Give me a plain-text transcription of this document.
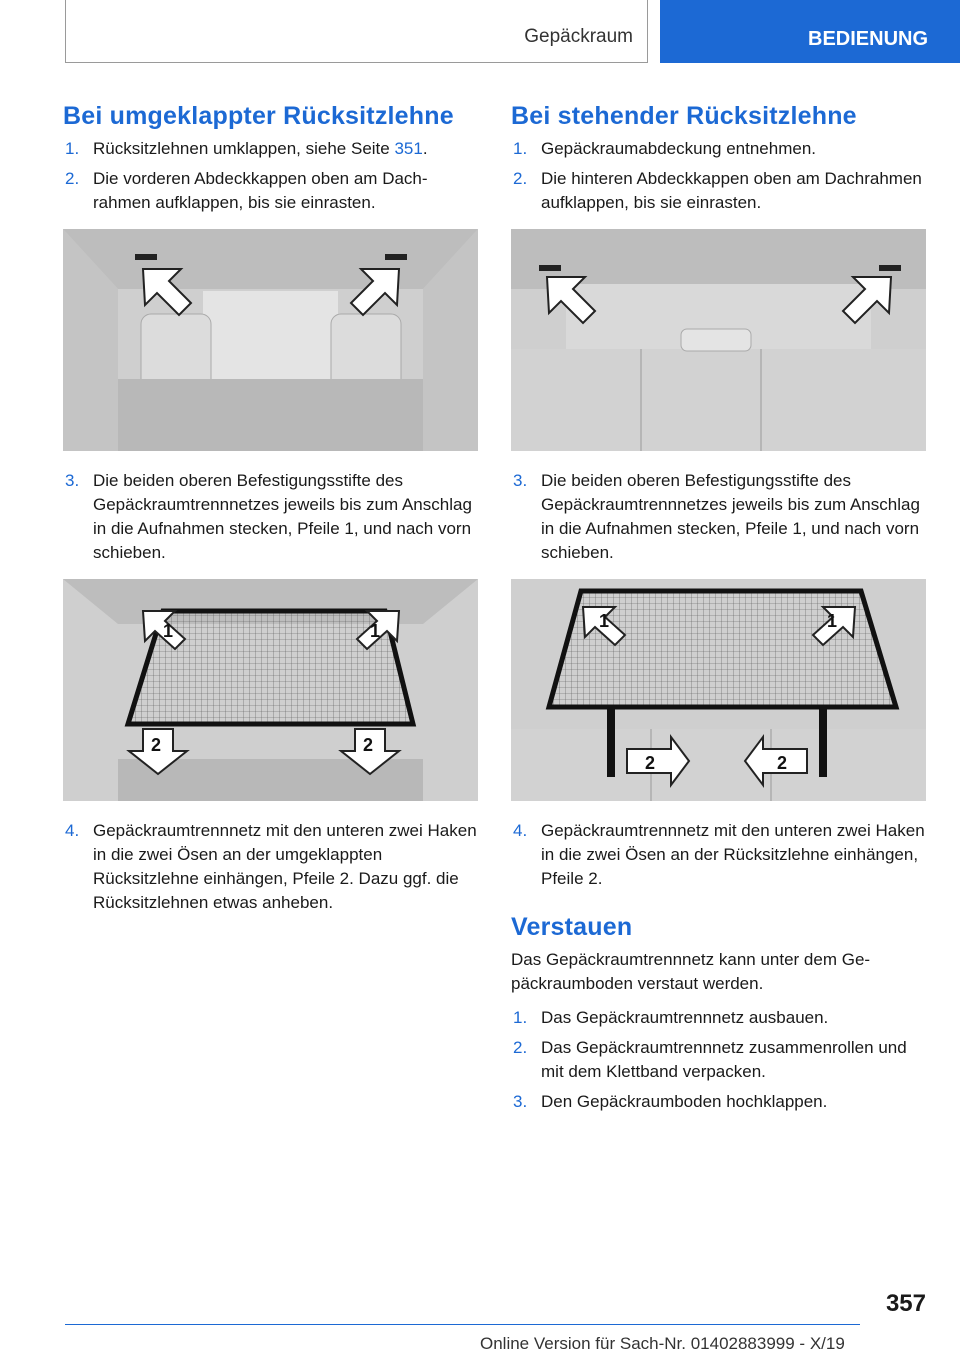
Gepäckraum	BEDIENUNG
Bei umgeklappter Rücksitzlehne
1. Rücksitzlehnen umklappen, siehe Seite 351.
2. Die vorderen Abdeckkappen oben am Dachrahmen aufklappen, bis sie einrasten.
3. Die beiden oberen Befestigungsstifte des Gepäckraumtrennnetzes jeweils bis zum Anschlag in die Aufnahmen stecken, Pfeile 1, und nach vorn schieben.
1	1
2	2
4. Gepäckraumtrennnetz mit den unteren zwei Haken in die zwei Ösen an der umgeklappten Rücksitzlehne einhängen, Pfeile 2. Dazu ggf. die Rücksitzlehnen etwas anheben.
Bei stehender Rücksitzlehne
1. Gepäckraumabdeckung entnehmen.
2. Die hinteren Abdeckkappen oben am Dachrahmen aufklappen, bis sie einrasten.
3. Die beiden oberen Befestigungsstifte des Gepäckraumtrennnetzes jeweils bis zum Anschlag in die Aufnahmen stecken, Pfeile 1, und nach vorn schieben.
1	1
2	2
4. Gepäckraumtrennnetz mit den unteren zwei Haken in die zwei Ösen an der Rücksitzlehne einhängen, Pfeile 2.
Verstauen

Das Gepäckraumtrennnetz kann unter dem Gepäckraumboden verstaut werden.

1. Das Gepäckraumtrennnetz ausbauen.
2. Das Gepäckraumtrennnetz zusammenrollen und mit dem Klettband verpacken.
3. Den Gepäckraumboden hochklappen.
357
Online Version für Sach-Nr. 01402883999 - X/19
